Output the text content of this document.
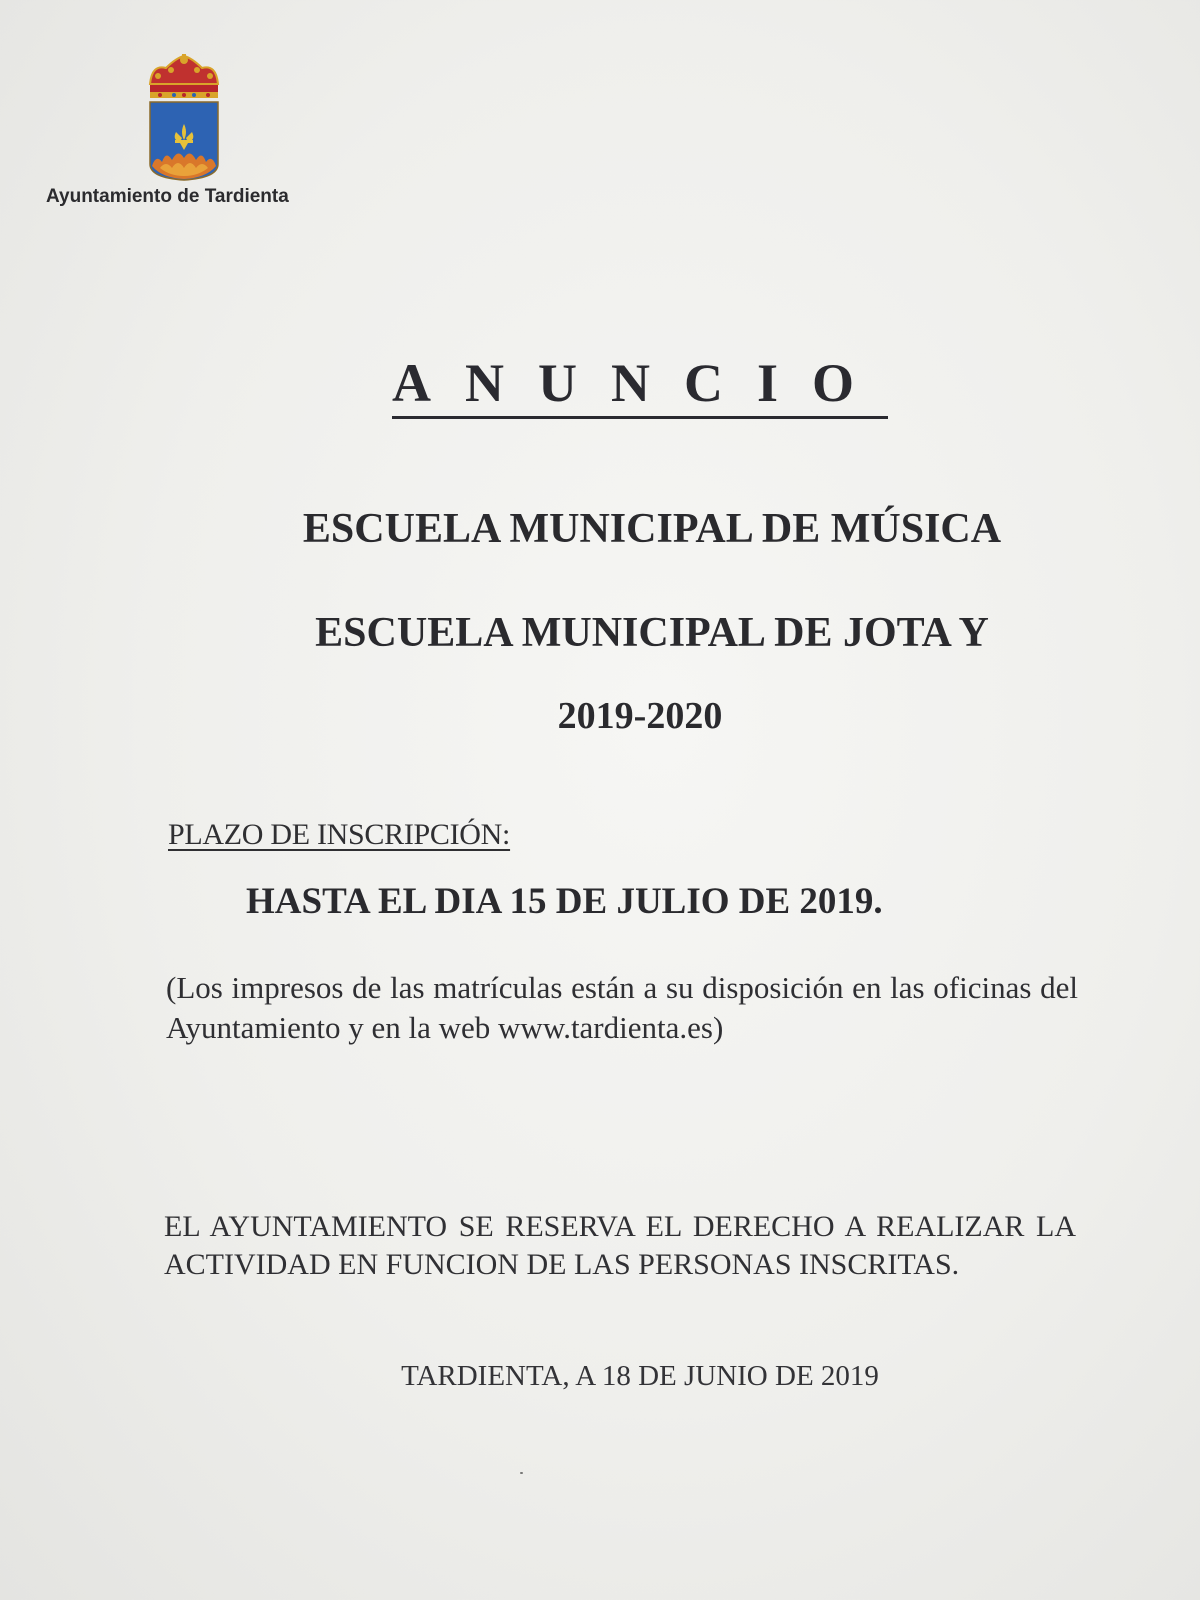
Ayuntamiento de Tardienta
ANUNCIO
ESCUELA MUNICIPAL DE MÚSICA
ESCUELA MUNICIPAL DE JOTA Y
2019-2020
PLAZO DE INSCRIPCIÓN:
HASTA EL DIA 15 DE JULIO DE 2019.
(Los impresos de las matrículas están a su disposición en las oficinas del Ayuntamiento y en la web www.tardienta.es)
EL AYUNTAMIENTO SE RESERVA EL DERECHO A REALIZAR LA ACTIVIDAD EN FUNCION DE LAS PERSONAS INSCRITAS.
TARDIENTA, A 18 DE JUNIO DE 2019
